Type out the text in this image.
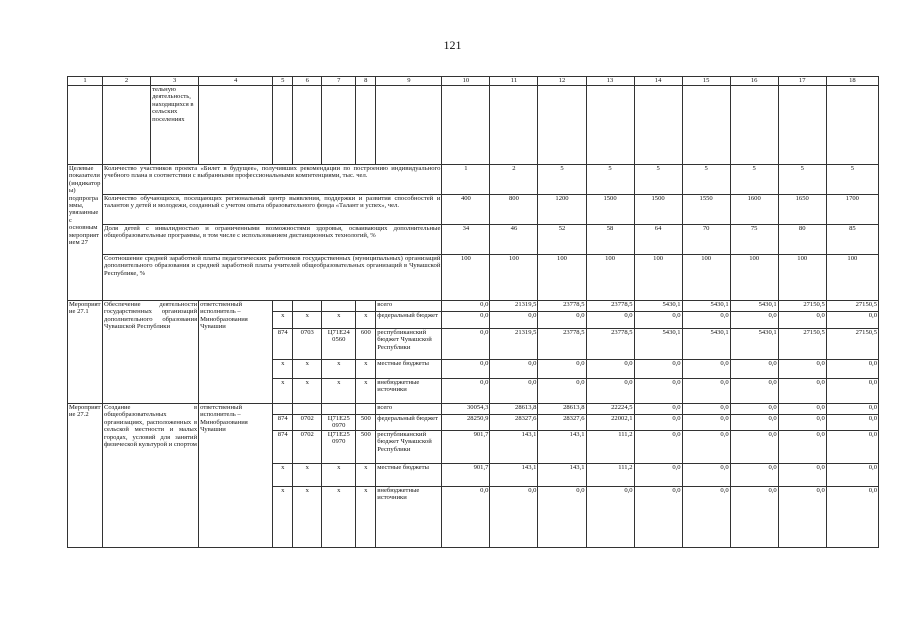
121
1	2	3	4	5	6	7	8	9	10	11	12	13	14	15	16	17	18
		тельную деятельность, находящихся в сельских поселениях															
Целевые показатели (индикаторы) подпрограммы, увязанные с основным мероприятием 27	Количество участников проекта «Билет в будущее», получивших рекомендации по построению индивидуального учебного плана в соответствии с выбранными профессиональными компетенциями, тыс. чел.								1	2	5	5	5	5	5	5	5
	Количество обучающихся, посещающих региональный центр выявления, поддержки и развития способностей и талантов у детей и молодежи, созданный с учетом опыта образовательного фонда «Талант и успех», чел.								400	800	1200	1500	1500	1550	1600	1650	1700
	Доля детей с инвалидностью и ограниченными возможностями здоровья, осваивающих дополнительные общеобразовательные программы, в том числе с использованием дистанционных технологий, %								34	46	52	58	64	70	75	80	85
	Соотношение средней заработной платы педагогических работников государственных (муниципальных) организаций дополнительного образования и средней заработной платы учителей общеобразовательных организаций в Чувашской Республике, %								100	100	100	100	100	100	100	100	100
Мероприятие 27.1	Обеспечение деятельности государственных организаций дополнительного образования Чувашской Республики		ответственный исполнитель – Минобразования Чувашии					всего	0,0	21319,5	23778,5	23778,5	5430,1	5430,1	5430,1	27150,5	27150,5
				х	х	х	х	федеральный бюджет	0,0	0,0	0,0	0,0	0,0	0,0	0,0	0,0	0,0
				874	0703	Ц71Е24 0560	600	республиканский бюджет Чувашской Республики	0,0	21319,5	23778,5	23778,5	5430,1	5430,1	5430,1	27150,5	27150,5
				х	х	х	х	местные бюджеты	0,0	0,0	0,0	0,0	0,0	0,0	0,0	0,0	0,0
				х	х	х	х	внебюджетные источники	0,0	0,0	0,0	0,0	0,0	0,0	0,0	0,0	0,0
Мероприятие 27.2	Создание в общеобразовательных организациях, расположенных в сельской местности и малых городах, условий для занятий физической культурой и спортом		ответственный исполнитель – Минобразования Чувашии					всего	30054,3	28613,8	28613,8	22224,5	0,0	0,0	0,0	0,0	0,0
				874	0702	Ц71Е25 0970	500	федеральный бюджет	28250,9	28327,6	28327,6	22002,1	0,0	0,0	0,0	0,0	0,0
				874	0702	Ц71Е25 0970	500	республиканский бюджет Чувашской Республики	901,7	143,1	143,1	111,2	0,0	0,0	0,0	0,0	0,0
				х	х	х	х	местные бюджеты	901,7	143,1	143,1	111,2	0,0	0,0	0,0	0,0	0,0
				х	х	х	х	внебюджетные источники	0,0	0,0	0,0	0,0	0,0	0,0	0,0	0,0	0,0
